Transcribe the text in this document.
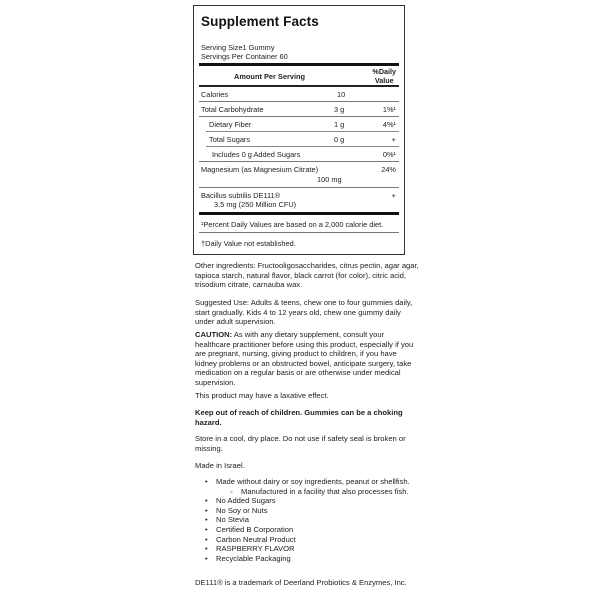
Supplement Facts
Serving Size1 Gummy
Servings Per Container 60
Amount Per Serving
%Daily
Value
Calories	10
Total Carbohydrate	3 g	1%¹
Dietary Fiber	1 g	4%¹
Total Sugars	0 g	+
Includes 0 g Added Sugars	0%¹
Magnesium (as Magnesium Citrate)	24%
100 mg
Bacillus subtilis DE111®	+
3.5 mg (250 Million CFU)
¹Percent Daily Values are based on a 2,000 calorie diet.
†Daily Value not established.

Other ingredients: Fructooligosaccharides, citrus pectin, agar agar, tapioca starch, natural flavor, black carrot (for color), citric acid, trisodium citrate, carnauba wax.

Suggested Use: Adults & teens, chew one to four gummies daily, start gradually. Kids 4 to 12 years old, chew one gummy daily under adult supervision.

CAUTION: As with any dietary supplement, consult your healthcare practitioner before using this product, especially if you are pregnant, nursing, giving product to children, if you have kidney problems or an obstructed bowel, anticipate surgery, take medication on a regular basis or are otherwise under medical supervision.

This product may have a laxative effect.

Keep out of reach of children. Gummies can be a choking hazard.

Store in a cool, dry place. Do not use if safety seal is broken or missing.

Made in Israel.

• Made without dairy or soy ingredients, peanut or shellfish.
◦ Manufactured in a facility that also processes fish.
• No Added Sugars
• No Soy or Nuts
• No Stevia
• Certified B Corporation
• Carbon Neutral Product
• RASPBERRY FLAVOR
• Recyclable Packaging

DE111® is a trademark of Deerland Probiotics & Enzymes, Inc.
